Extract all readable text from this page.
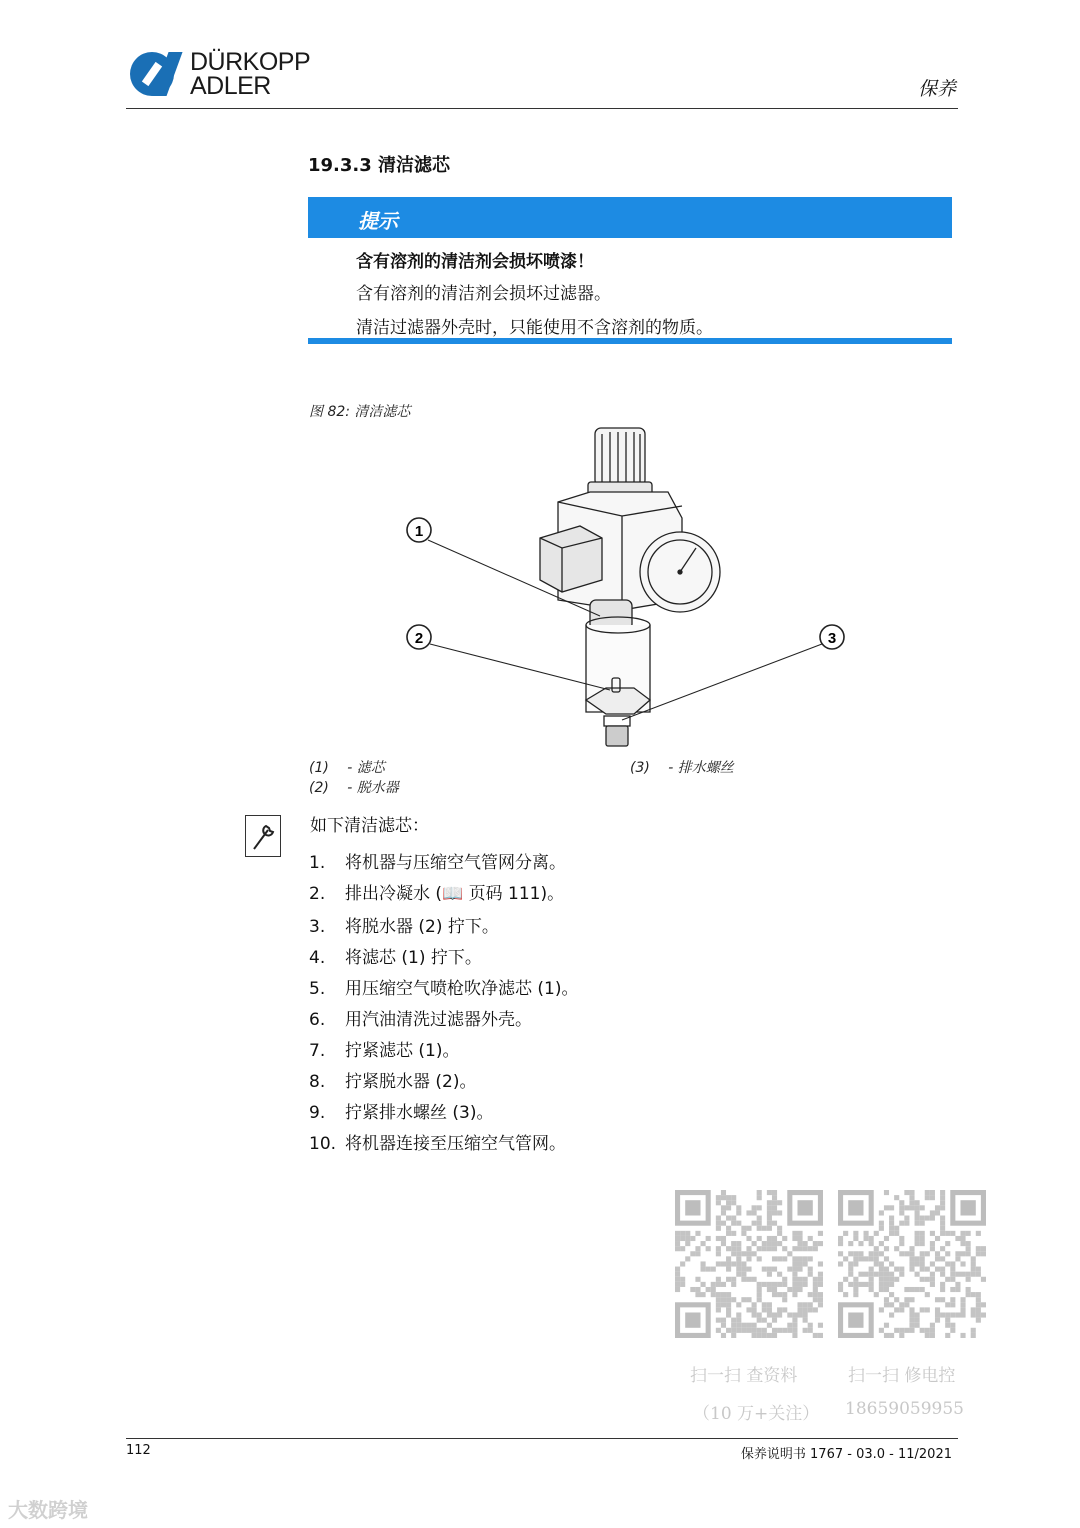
DÜRKOPP
ADLER	保养
19.3.3 清洁滤芯
提示
含有溶剂的清洁剂会损坏喷漆！
含有溶剂的清洁剂会损坏过滤器。
清洁过滤器外壳时，只能使用不含溶剂的物质。
图 82: 清洁滤芯
1
2	3
(1) - 滤芯
(2) - 脱水器
(3) - 排水螺丝
如下清洁滤芯：
1. 将机器与压缩空气管网分离。
2. 排出冷凝水 (📖 页码 111)。
3. 将脱水器 (2) 拧下。
4. 将滤芯 (1) 拧下。
5. 用压缩空气喷枪吹净滤芯 (1)。
6. 用汽油清洗过滤器外壳。
7. 拧紧滤芯 (1)。
8. 拧紧脱水器 (2)。
9. 拧紧排水螺丝 (3)。
10. 将机器连接至压缩空气管网。
扫一扫 查资料
（10 万+关注）
扫一扫 修电控
18659059955
112	保养说明书 1767 - 03.0 - 11/2021
大数跨境
